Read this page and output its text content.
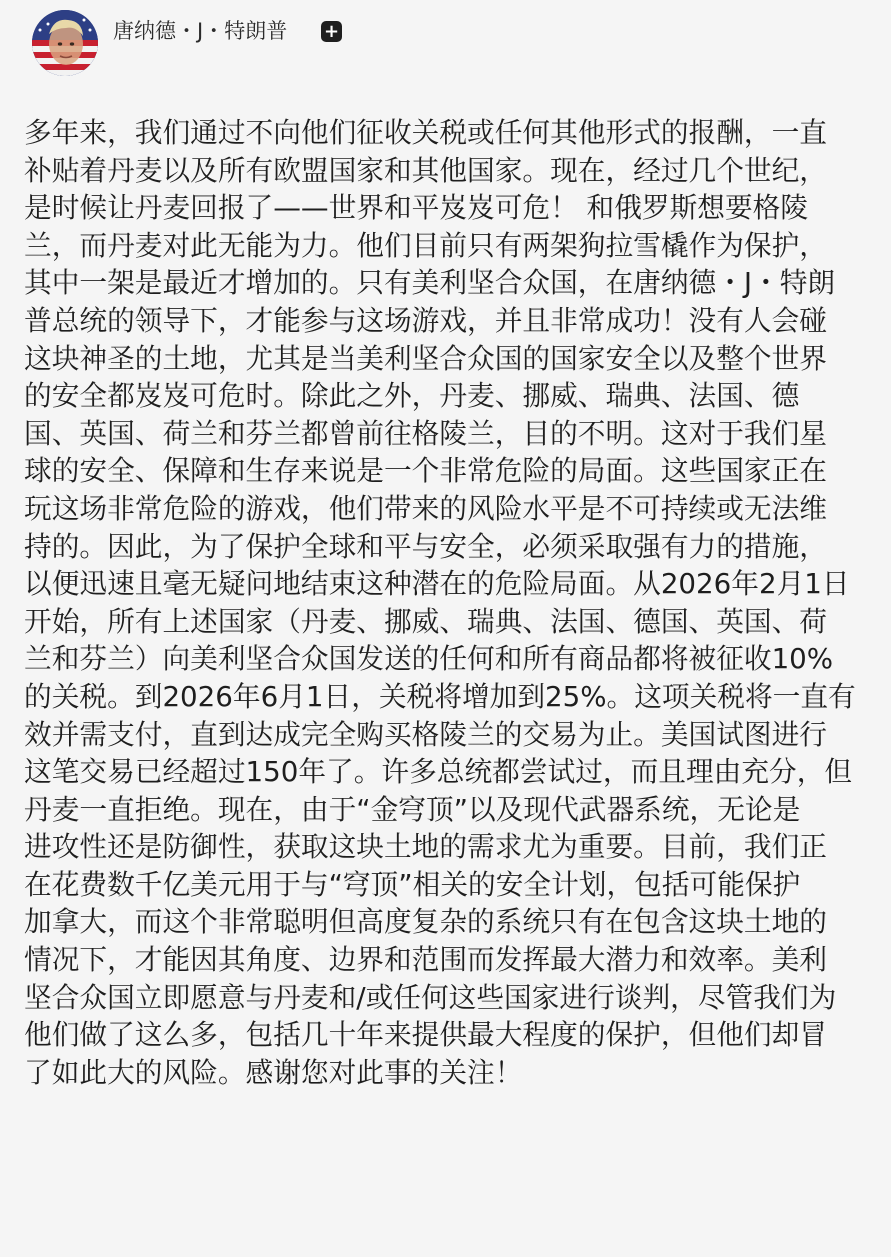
唐纳德・J・特朗普 +
多年来，我们通过不向他们征收关税或任何其他形式的报酬，一直
补贴着丹麦以及所有欧盟国家和其他国家。现在，经过几个世纪，
是时候让丹麦回报了——世界和平岌岌可危！ 和俄罗斯想要格陵
兰，而丹麦对此无能为力。他们目前只有两架狗拉雪橇作为保护，
其中一架是最近才增加的。只有美利坚合众国，在唐纳德・J・特朗
普总统的领导下，才能参与这场游戏，并且非常成功！没有人会碰
这块神圣的土地，尤其是当美利坚合众国的国家安全以及整个世界
的安全都岌岌可危时。除此之外，丹麦、挪威、瑞典、法国、德
国、英国、荷兰和芬兰都曾前往格陵兰，目的不明。这对于我们星
球的安全、保障和生存来说是一个非常危险的局面。这些国家正在
玩这场非常危险的游戏，他们带来的风险水平是不可持续或无法维
持的。因此，为了保护全球和平与安全，必须采取强有力的措施，
以便迅速且毫无疑问地结束这种潜在的危险局面。从2026年2月1日
开始，所有上述国家（丹麦、挪威、瑞典、法国、德国、英国、荷
兰和芬兰）向美利坚合众国发送的任何和所有商品都将被征收10%
的关税。到2026年6月1日，关税将增加到25%。这项关税将一直有
效并需支付，直到达成完全购买格陵兰的交易为止。美国试图进行
这笔交易已经超过150年了。许多总统都尝试过，而且理由充分，但
丹麦一直拒绝。现在，由于“金穹顶”以及现代武器系统，无论是
进攻性还是防御性，获取这块土地的需求尤为重要。目前，我们正
在花费数千亿美元用于与“穹顶”相关的安全计划，包括可能保护
加拿大，而这个非常聪明但高度复杂的系统只有在包含这块土地的
情况下，才能因其角度、边界和范围而发挥最大潜力和效率。美利
坚合众国立即愿意与丹麦和/或任何这些国家进行谈判，尽管我们为
他们做了这么多，包括几十年来提供最大程度的保护，但他们却冒
了如此大的风险。感谢您对此事的关注！
